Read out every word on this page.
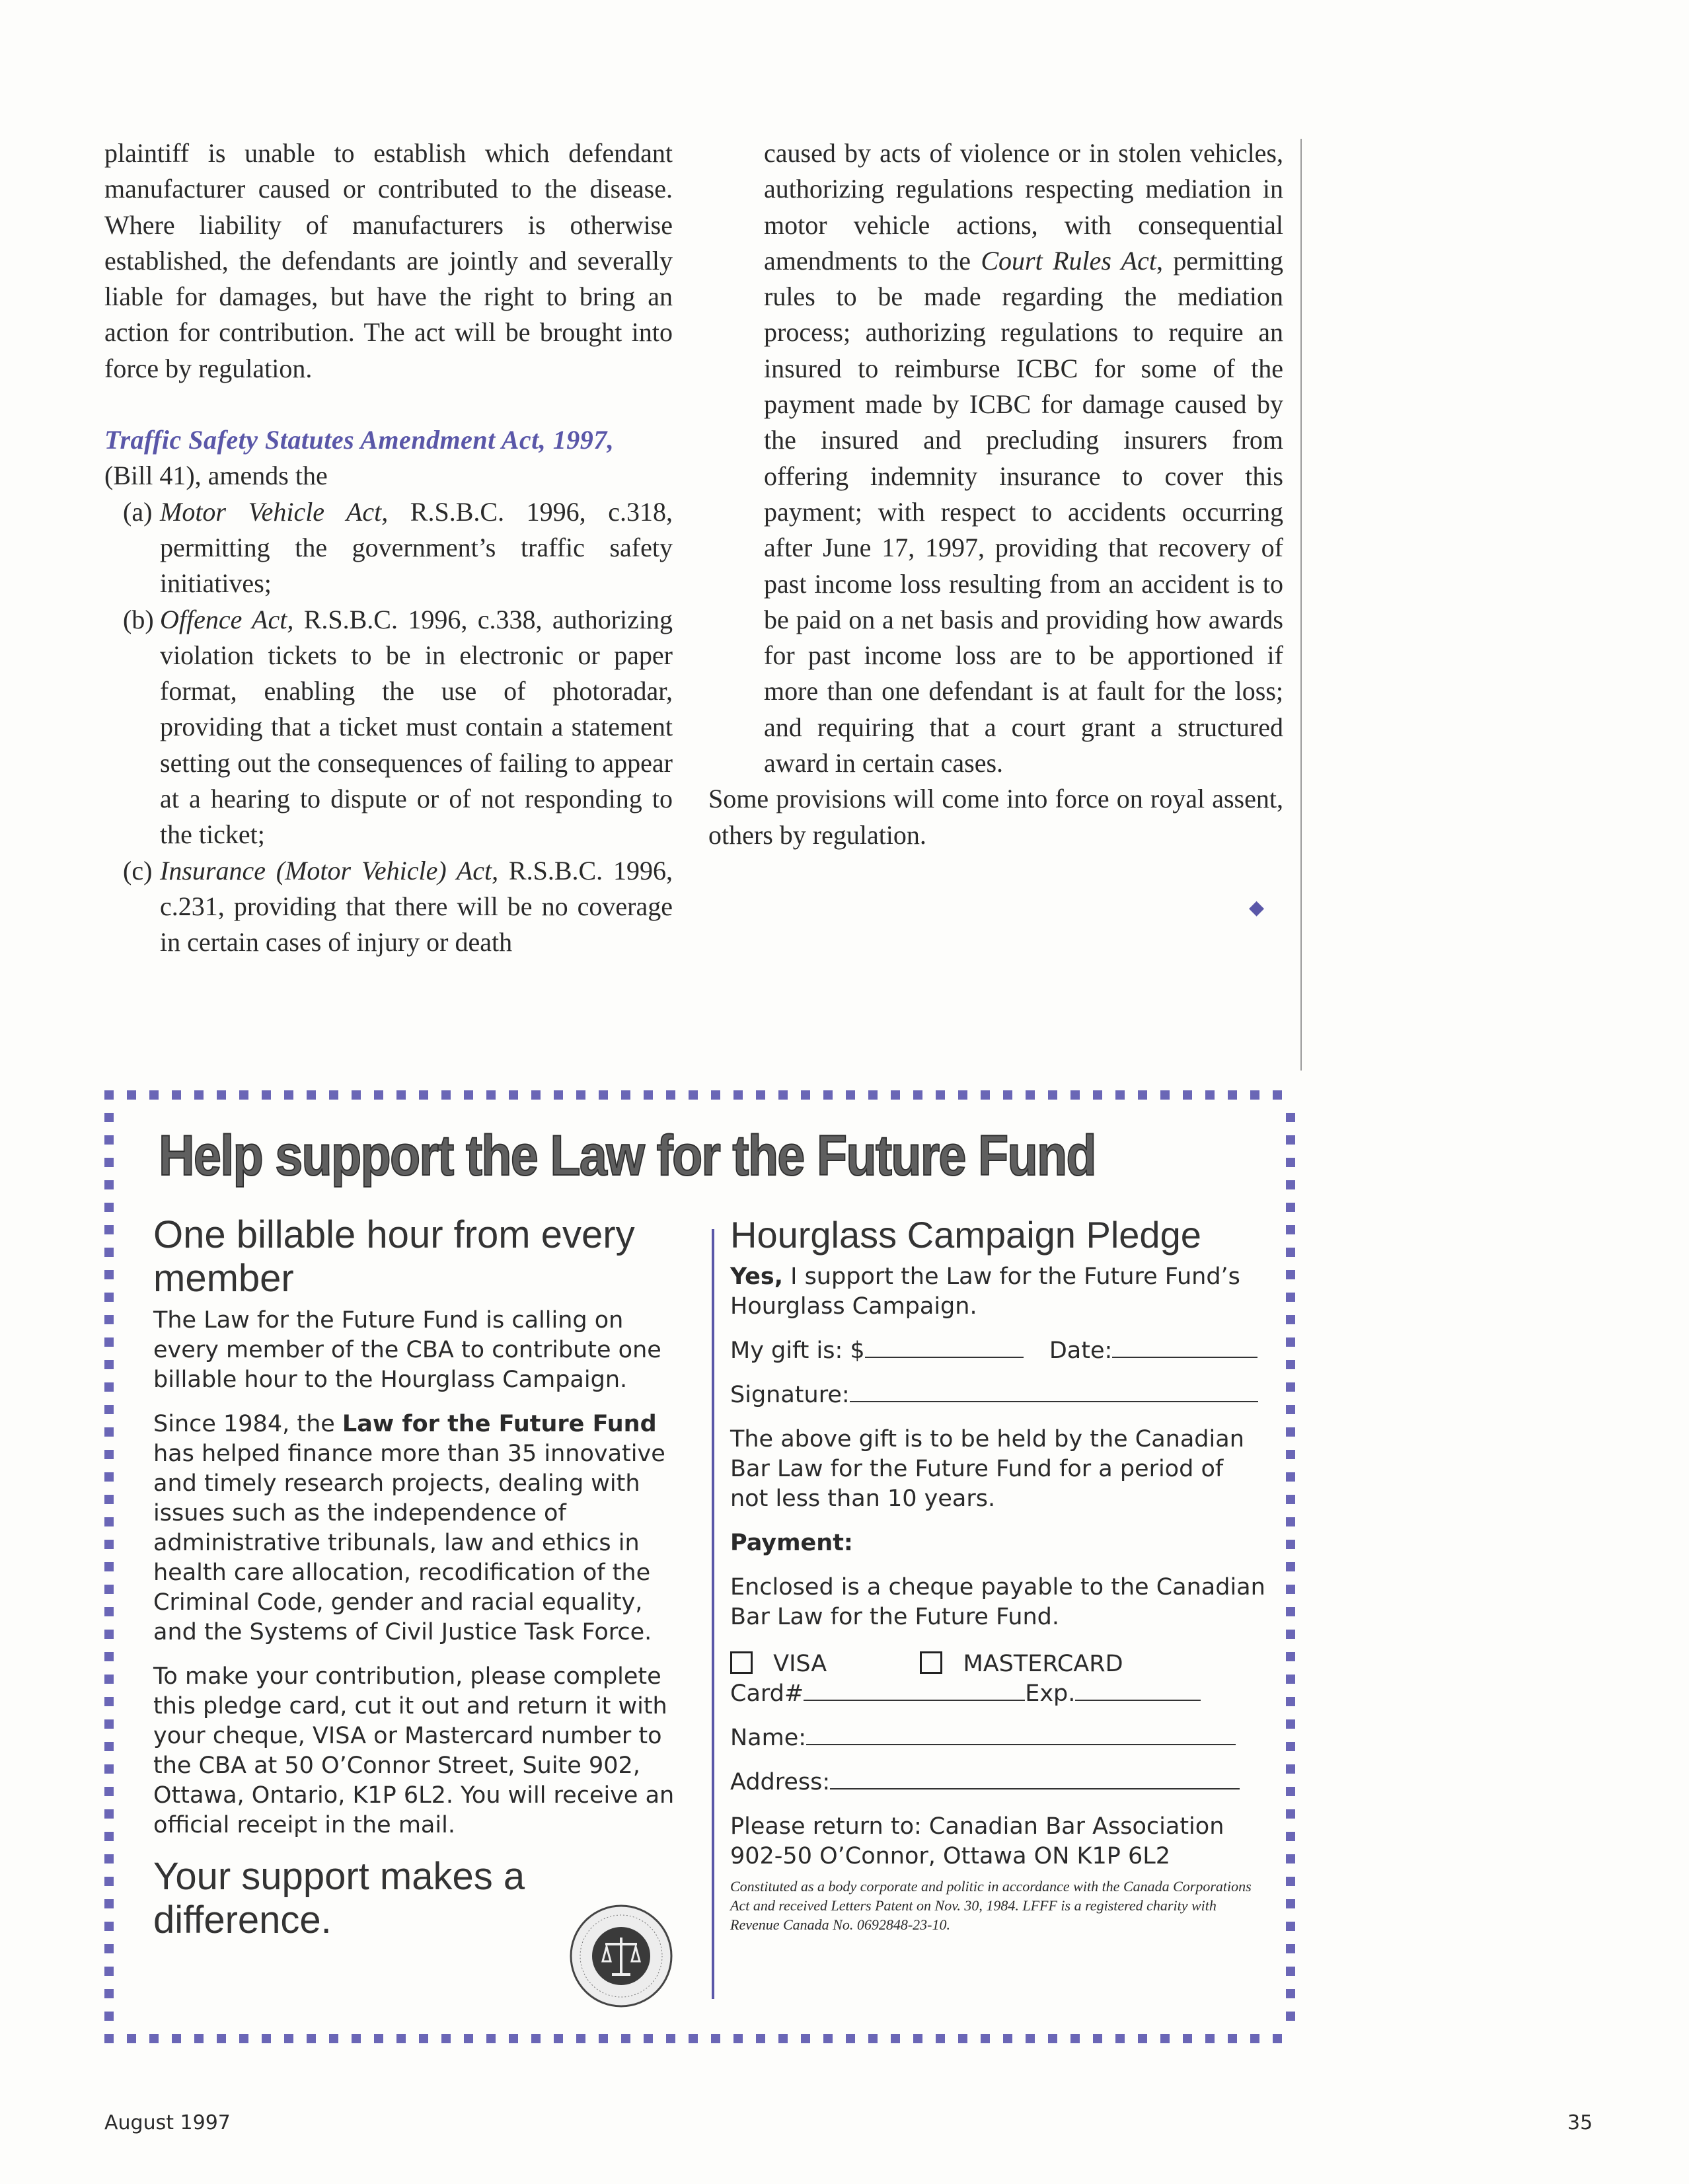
plaintiff is unable to establish which defendant manufacturer caused or contributed to the disease. Where liability of manufacturers is otherwise established, the defendants are jointly and severally liable for damages, but have the right to bring an action for contribution. The act will be brought into force by regulation.

Traffic Safety Statutes Amendment Act, 1997,

(Bill 41), amends the

(a) Motor Vehicle Act, R.S.B.C. 1996, c.318, permitting the government’s traffic safety initiatives;

(b) Offence Act, R.S.B.C. 1996, c.338, authorizing violation tickets to be in electronic or paper format, enabling the use of photoradar, providing that a ticket must contain a statement setting out the consequences of failing to appear at a hearing to dispute or of not responding to the ticket;

(c) Insurance (Motor Vehicle) Act, R.S.B.C. 1996, c.231, providing that there will be no coverage in certain cases of injury or death

caused by acts of violence or in stolen vehicles, authorizing regulations respecting mediation in motor vehicle actions, with consequential amendments to the Court Rules Act, permitting rules to be made regarding the mediation process; authorizing regulations to require an insured to reimburse ICBC for some of the payment made by ICBC for damage caused by the insured and precluding insurers from offering indemnity insurance to cover this payment; with respect to accidents occurring after June 17, 1997, providing that recovery of past income loss resulting from an accident is to be paid on a net basis and providing how awards for past income loss are to be apportioned if more than one defendant is at fault for the loss; and requiring that a court grant a structured award in certain cases.

Some provisions will come into force on royal assent, others by regulation.

◆
Help support the Law for the Future Fund

One billable hour from every member

The Law for the Future Fund is calling on every member of the CBA to contribute one billable hour to the Hourglass Campaign.

Since 1984, the Law for the Future Fund has helped finance more than 35 innovative and timely research projects, dealing with issues such as the independence of administrative tribunals, law and ethics in health care allocation, recodification of the Criminal Code, gender and racial equality, and the Systems of Civil Justice Task Force.

To make your contribution, please complete this pledge card, cut it out and return it with your cheque, VISA or Mastercard number to the CBA at 50 O’Connor Street, Suite 902, Ottawa, Ontario, K1P 6L2. You will receive an official receipt in the mail.

Your support makes a difference.

Hourglass Campaign Pledge

Yes, I support the Law for the Future Fund’s Hourglass Campaign.

My gift is: $	Date:

Signature:

The above gift is to be held by the Canadian Bar Law for the Future Fund for a period of not less than 10 years.

Payment:

Enclosed is a cheque payable to the Canadian Bar Law for the Future Fund.

VISA	MASTERCARD

Card#	Exp.

Name:

Address:

Please return to: Canadian Bar Association
902-50 O’Connor, Ottawa ON K1P 6L2

Constituted as a body corporate and politic in accordance with the Canada Corporations Act and received Letters Patent on Nov. 30, 1984. LFFF is a registered charity with Revenue Canada No. 0692848-23-10.

August 1997	35
